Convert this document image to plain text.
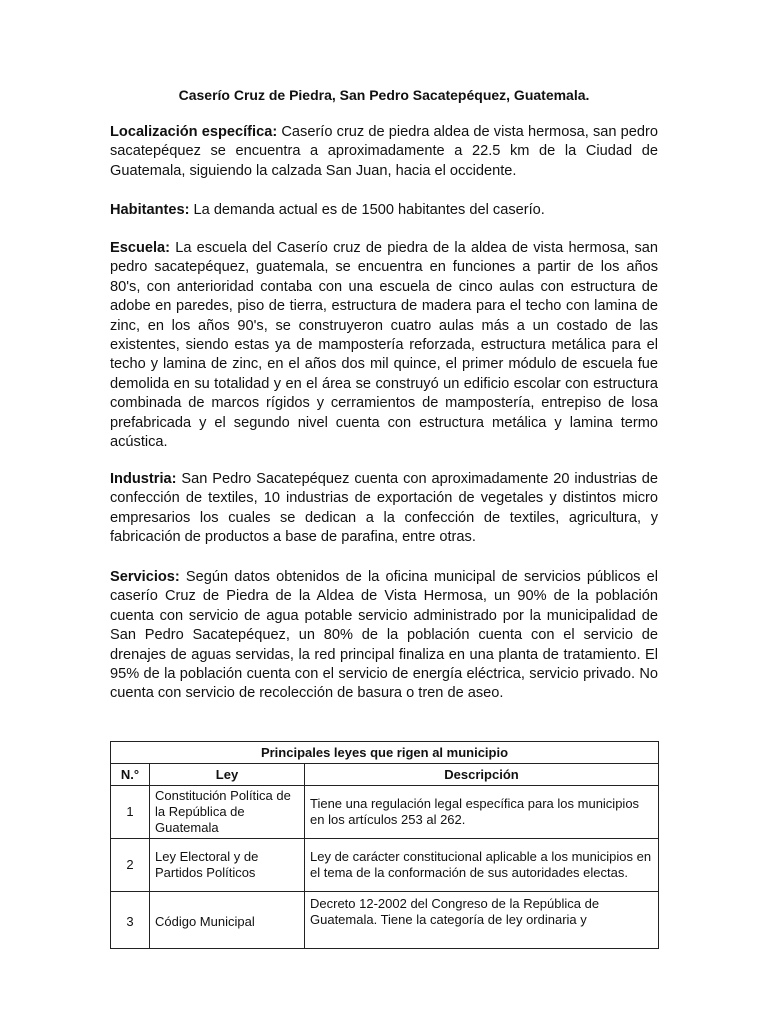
Caserío Cruz de Piedra, San Pedro Sacatepéquez, Guatemala.

Localización específica: Caserío cruz de piedra aldea de vista hermosa, san pedro sacatepéquez se encuentra a aproximadamente a 22.5 km de la Ciudad de Guatemala, siguiendo la calzada San Juan, hacia el occidente.

Habitantes: La demanda actual es de 1500 habitantes del caserío.

Escuela: La escuela del Caserío cruz de piedra de la aldea de vista hermosa, san pedro sacatepéquez, guatemala, se encuentra en funciones a partir de los años 80's, con anterioridad contaba con una escuela de cinco aulas con estructura de adobe en paredes, piso de tierra, estructura de madera para el techo con lamina de zinc, en los años 90's, se construyeron cuatro aulas más a un costado de las existentes, siendo estas ya de mampostería reforzada, estructura metálica para el techo y lamina de zinc, en el años dos mil quince, el primer módulo de escuela fue demolida en su totalidad y en el área se construyó un edificio escolar con estructura combinada de marcos rígidos y cerramientos de mampostería, entrepiso de losa prefabricada y el segundo nivel cuenta con estructura metálica y lamina termo acústica.

Industria: San Pedro Sacatepéquez cuenta con aproximadamente 20 industrias de confección de textiles, 10 industrias de exportación de vegetales y distintos micro empresarios los cuales se dedican a la confección de textiles, agricultura, y fabricación de productos a base de parafina, entre otras.

Servicios: Según datos obtenidos de la oficina municipal de servicios públicos el caserío Cruz de Piedra de la Aldea de Vista Hermosa, un 90% de la población cuenta con servicio de agua potable servicio administrado por la municipalidad de San Pedro Sacatepéquez, un 80% de la población cuenta con el servicio de drenajes de aguas servidas, la red principal finaliza en una planta de tratamiento. El 95% de la población cuenta con el servicio de energía eléctrica, servicio privado. No cuenta con servicio de recolección de basura o tren de aseo.

Principales leyes que rigen al municipio		
N.°	Ley	Descripción
1	Constitución Política de la República de Guatemala	Tiene una regulación legal específica para los municipios en los artículos 253 al 262.
2	Ley Electoral y de Partidos Políticos	Ley de carácter constitucional aplicable a los municipios en el tema de la conformación de sus autoridades electas.
3	Código Municipal	Decreto 12-2002 del Congreso de la República de Guatemala. Tiene la categoría de ley ordinaria y
